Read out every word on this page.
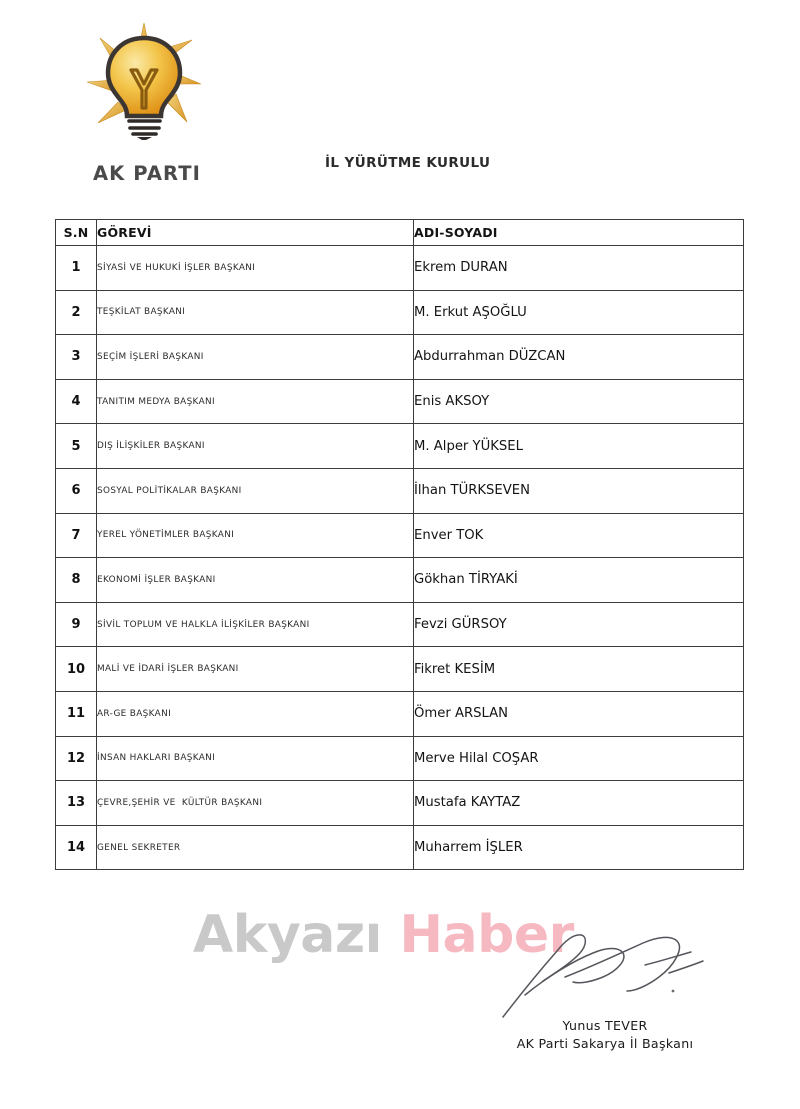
AK PARTI	İL YÜRÜTME KURULU
S.N	GÖREVİ	ADI-SOYADI
1	SİYASİ VE HUKUKİ İŞLER BAŞKANI	Ekrem DURAN
2	TEŞKİLAT BAŞKANI	M. Erkut AŞOĞLU
3	SEÇİM İŞLERİ BAŞKANI	Abdurrahman DÜZCAN
4	TANITIM MEDYA BAŞKANI	Enis AKSOY
5	DIŞ İLİŞKİLER BAŞKANI	M. Alper YÜKSEL
6	SOSYAL POLİTİKALAR BAŞKANI	İlhan TÜRKSEVEN
7	YEREL YÖNETİMLER BAŞKANI	Enver TOK
8	EKONOMİ İŞLER BAŞKANI	Gökhan TİRYAKİ
9	SİVİL TOPLUM VE HALKLA İLİŞKİLER BAŞKANI	Fevzi GÜRSOY
10	MALİ VE İDARİ İŞLER BAŞKANI	Fikret KESİM
11	AR-GE BAŞKANI	Ömer ARSLAN
12	İNSAN HAKLARI BAŞKANI	Merve Hilal COŞAR
13	ÇEVRE,ŞEHİR VE  KÜLTÜR BAŞKANI	Mustafa KAYTAZ
14	GENEL SEKRETER	Muharrem İŞLER
Akyazı Haber
Yunus TEVER
AK Parti Sakarya İl Başkanı
